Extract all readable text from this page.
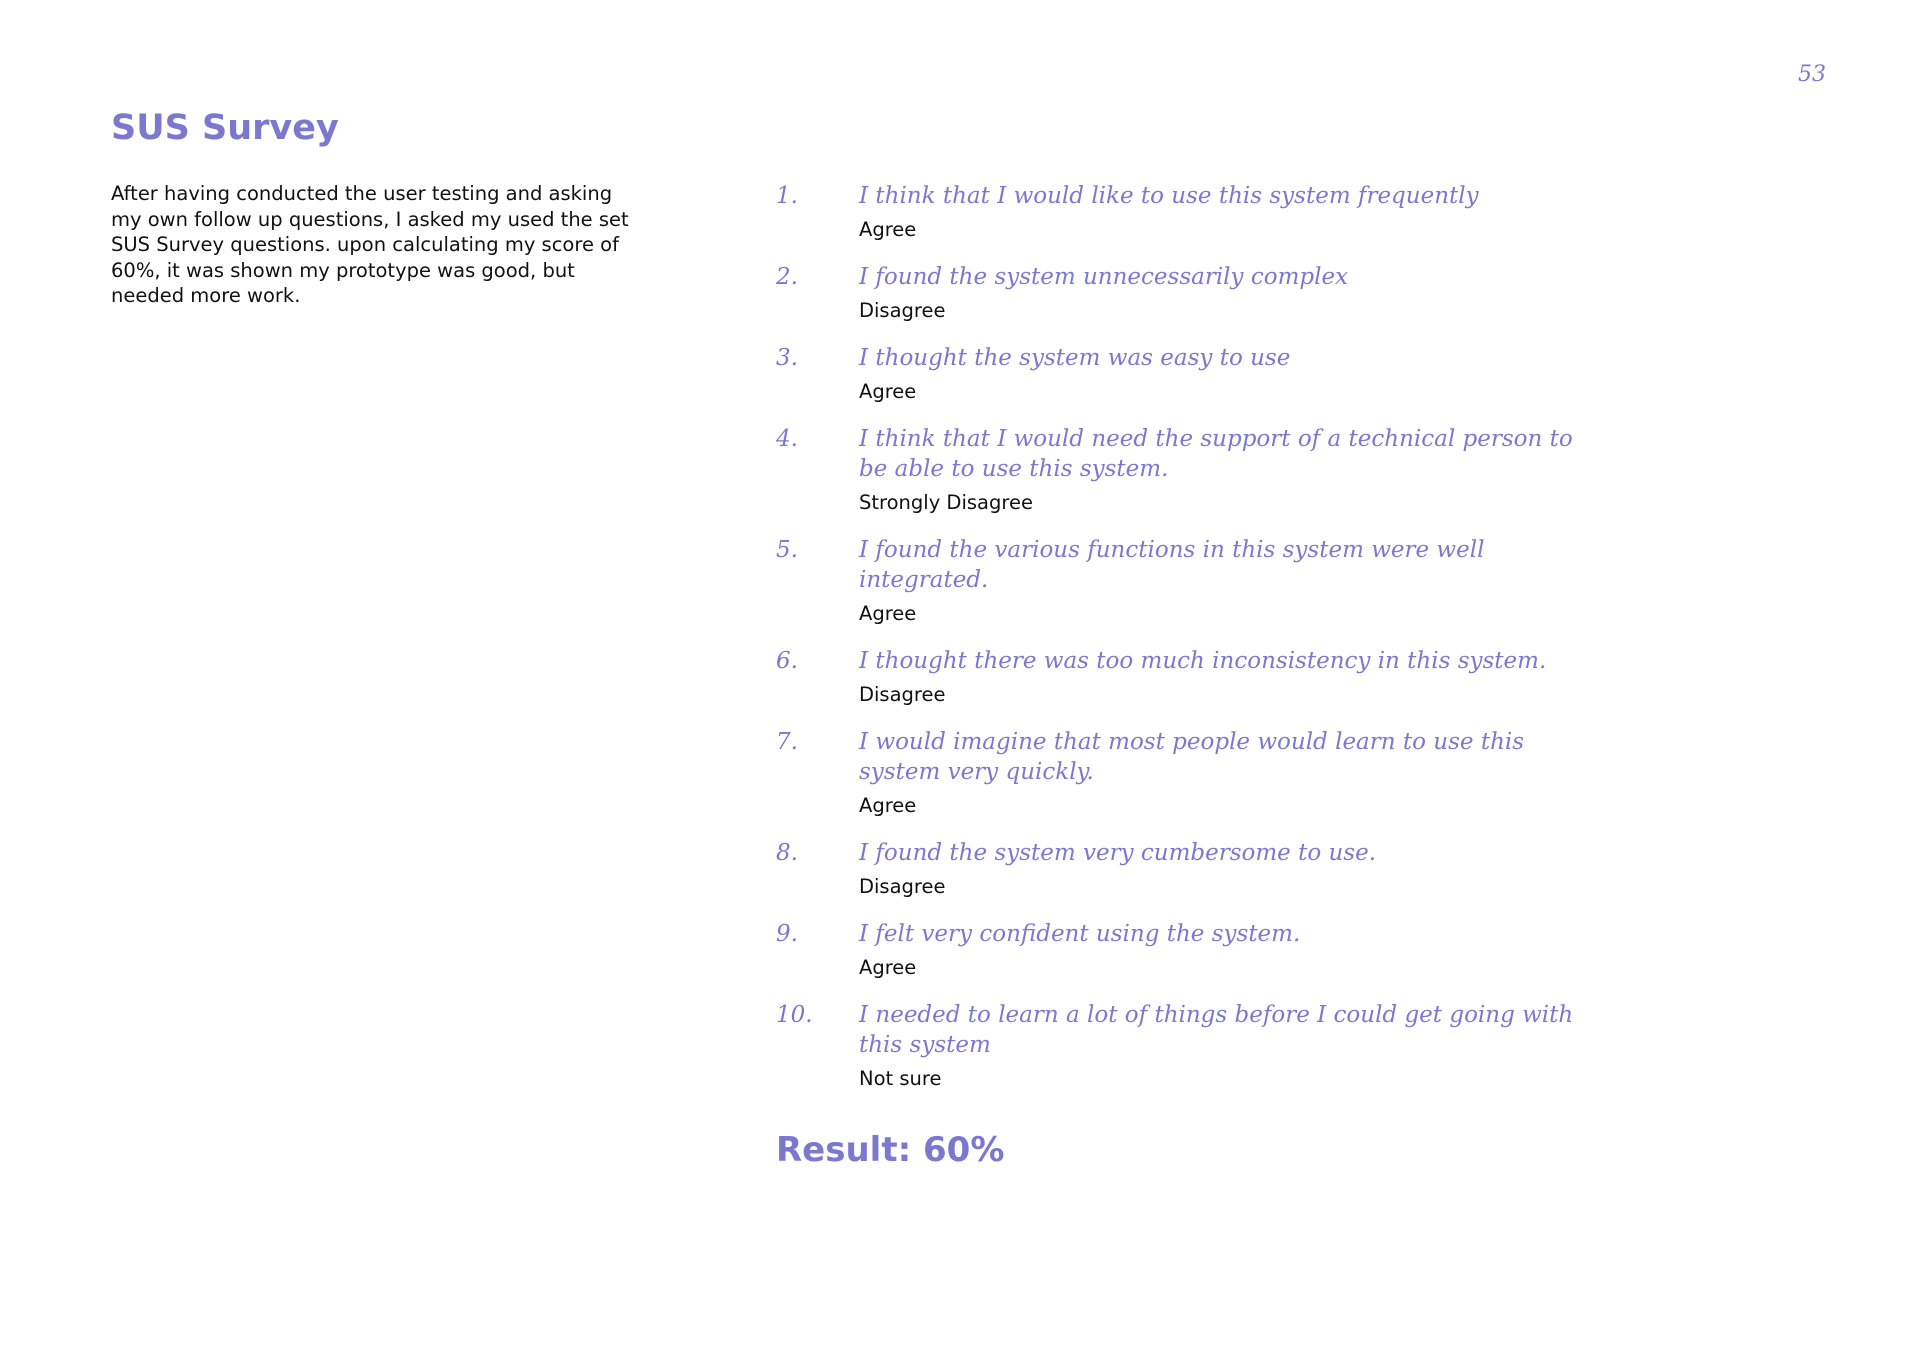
53
SUS Survey

After having conducted the user testing and asking my own follow up questions, I asked my used the set SUS Survey questions. upon calculating my score of 60%, it was shown my prototype was good, but needed more work.

1.	I think that I would like to use this system frequently
Agree
2.	I found the system unnecessarily complex
Disagree
3.	I thought the system was easy to use
Agree
4.	I think that I would need the support of a technical person to be able to use this system.
Strongly Disagree
5.	I found the various functions in this system were well integrated.
Agree
6.	I thought there was too much inconsistency in this system.
Disagree
7.	I would imagine that most people would learn to use this system very quickly.
Agree
8.	I found the system very cumbersome to use.
Disagree
9.	I felt very confident using the system.
Agree
10.	I needed to learn a lot of things before I could get going with this system
Not sure
Result: 60%
